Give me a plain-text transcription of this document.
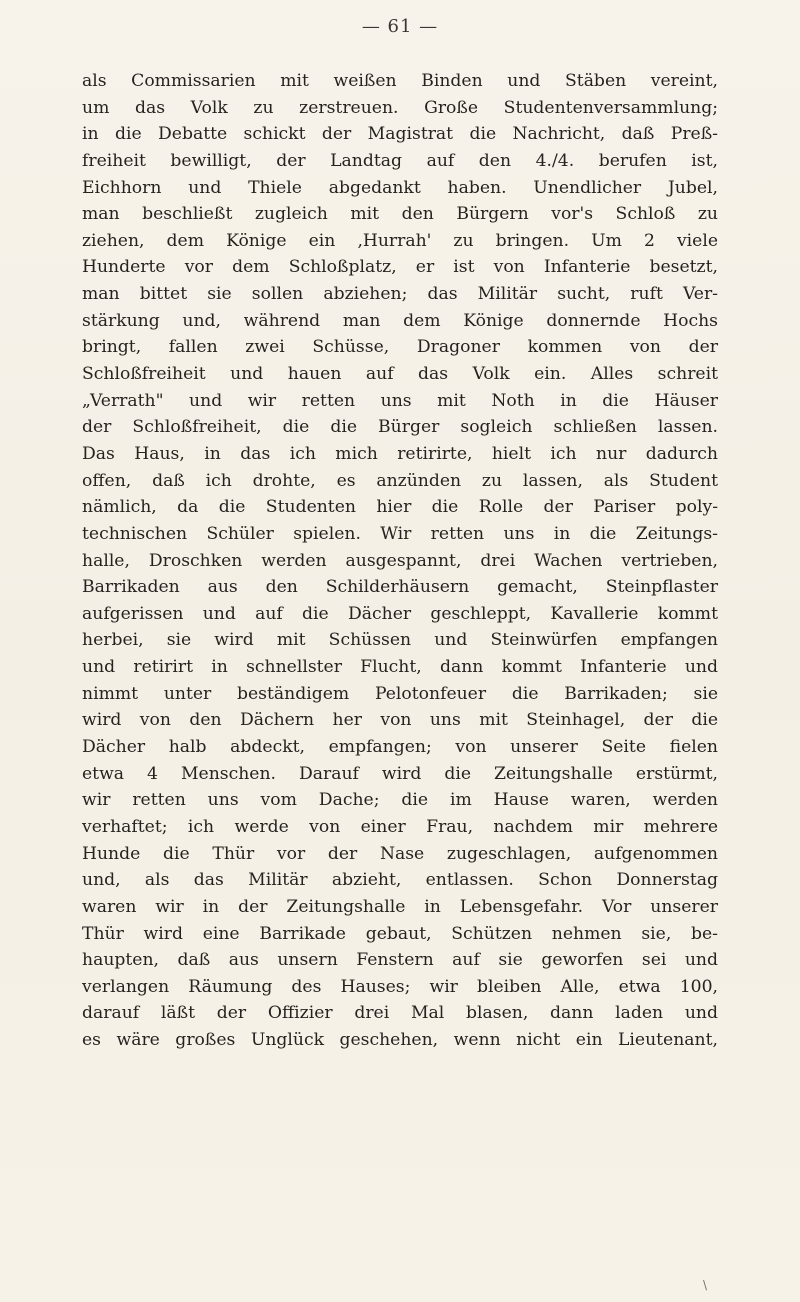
— 61 —
als Commissarien mit weißen Binden und Stäben vereint,
um das Volk zu zerstreuen. Große Studentenversammlung;
in die Debatte schickt der Magistrat die Nachricht, daß Preß-
freiheit bewilligt, der Landtag auf den 4./4. berufen ist,
Eichhorn und Thiele abgedankt haben. Unendlicher Jubel,
man beschließt zugleich mit den Bürgern vor's Schloß zu
ziehen, dem Könige ein ‚Hurrah' zu bringen. Um 2 viele
Hunderte vor dem Schloßplatz, er ist von Infanterie besetzt,
man bittet sie sollen abziehen; das Militär sucht, ruft Ver-
stärkung und, während man dem Könige donnernde Hochs
bringt, fallen zwei Schüsse, Dragoner kommen von der
Schloßfreiheit und hauen auf das Volk ein. Alles schreit
„Verrath" und wir retten uns mit Noth in die Häuser
der Schloßfreiheit, die die Bürger sogleich schließen lassen.
Das Haus, in das ich mich retirirte, hielt ich nur dadurch
offen, daß ich drohte, es anzünden zu lassen, als Student
nämlich, da die Studenten hier die Rolle der Pariser poly-
technischen Schüler spielen. Wir retten uns in die Zeitungs-
halle, Droschken werden ausgespannt, drei Wachen vertrieben,
Barrikaden aus den Schilderhäusern gemacht, Steinpflaster
aufgerissen und auf die Dächer geschleppt, Kavallerie kommt
herbei, sie wird mit Schüssen und Steinwürfen empfangen
und retirirt in schnellster Flucht, dann kommt Infanterie und
nimmt unter beständigem Pelotonfeuer die Barrikaden; sie
wird von den Dächern her von uns mit Steinhagel, der die
Dächer halb abdeckt, empfangen; von unserer Seite fielen
etwa 4 Menschen. Darauf wird die Zeitungshalle erstürmt,
wir retten uns vom Dache; die im Hause waren, werden
verhaftet; ich werde von einer Frau, nachdem mir mehrere
Hunde die Thür vor der Nase zugeschlagen, aufgenommen
und, als das Militär abzieht, entlassen. Schon Donnerstag
waren wir in der Zeitungshalle in Lebensgefahr. Vor unserer
Thür wird eine Barrikade gebaut, Schützen nehmen sie, be-
haupten, daß aus unsern Fenstern auf sie geworfen sei und
verlangen Räumung des Hauses; wir bleiben Alle, etwa 100,
darauf läßt der Offizier drei Mal blasen, dann laden und
es wäre großes Unglück geschehen, wenn nicht ein Lieutenant,
\
